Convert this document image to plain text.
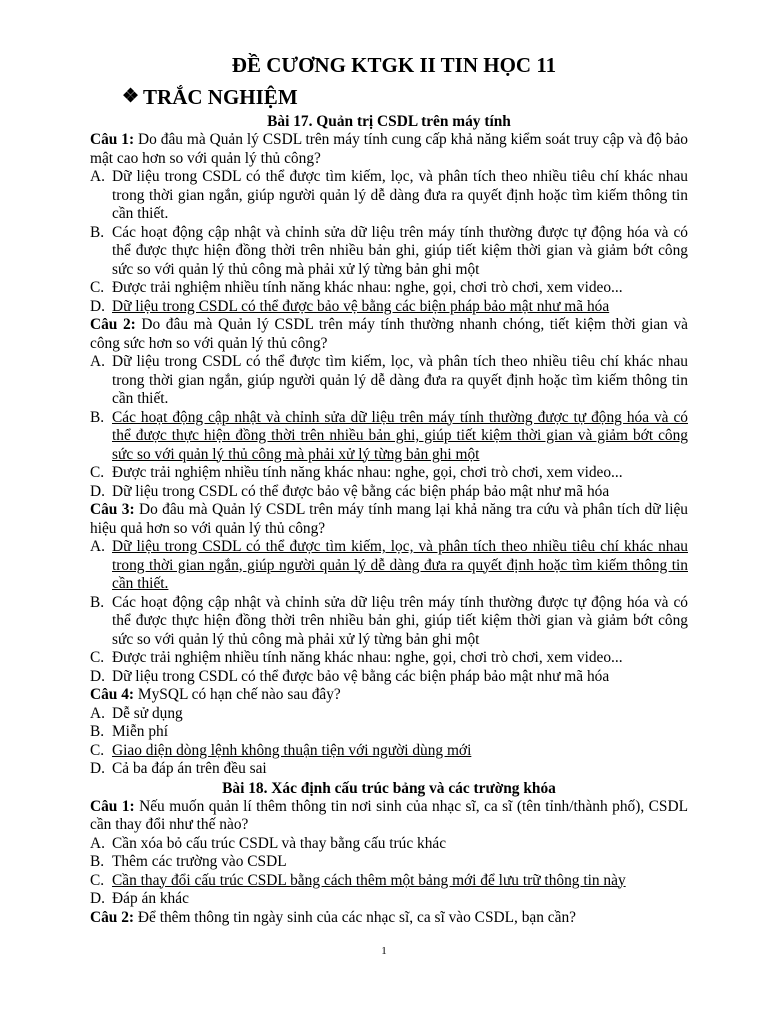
ĐỀ CƯƠNG KTGK II TIN HỌC 11
❖ TRẮC NGHIỆM
Bài 17. Quản trị CSDL trên máy tính
Câu 1: Do đâu mà Quản lý CSDL trên máy tính cung cấp khả năng kiểm soát truy cập và độ bảo mật cao hơn so với quản lý thủ công?
A. Dữ liệu trong CSDL có thể được tìm kiếm, lọc, và phân tích theo nhiều tiêu chí khác nhau trong thời gian ngắn, giúp người quản lý dễ dàng đưa ra quyết định hoặc tìm kiếm thông tin cần thiết.
B. Các hoạt động cập nhật và chỉnh sửa dữ liệu trên máy tính thường được tự động hóa và có thể được thực hiện đồng thời trên nhiều bản ghi, giúp tiết kiệm thời gian và giảm bớt công sức so với quản lý thủ công mà phải xử lý từng bản ghi một
C. Được trải nghiệm nhiều tính năng khác nhau: nghe, gọi, chơi trò chơi, xem video...
D. Dữ liệu trong CSDL có thể được bảo vệ bằng các biện pháp bảo mật như mã hóa
Câu 2: Do đâu mà Quản lý CSDL trên máy tính thường nhanh chóng, tiết kiệm thời gian và công sức hơn so với quản lý thủ công?
A. Dữ liệu trong CSDL có thể được tìm kiếm, lọc, và phân tích theo nhiều tiêu chí khác nhau trong thời gian ngắn, giúp người quản lý dễ dàng đưa ra quyết định hoặc tìm kiếm thông tin cần thiết.
B. Các hoạt động cập nhật và chỉnh sửa dữ liệu trên máy tính thường được tự động hóa và có thể được thực hiện đồng thời trên nhiều bản ghi, giúp tiết kiệm thời gian và giảm bớt công sức so với quản lý thủ công mà phải xử lý từng bản ghi một
C. Được trải nghiệm nhiều tính năng khác nhau: nghe, gọi, chơi trò chơi, xem video...
D. Dữ liệu trong CSDL có thể được bảo vệ bằng các biện pháp bảo mật như mã hóa
Câu 3: Do đâu mà Quản lý CSDL trên máy tính mang lại khả năng tra cứu và phân tích dữ liệu hiệu quả hơn so với quản lý thủ công?
A. Dữ liệu trong CSDL có thể được tìm kiếm, lọc, và phân tích theo nhiều tiêu chí khác nhau trong thời gian ngắn, giúp người quản lý dễ dàng đưa ra quyết định hoặc tìm kiếm thông tin cần thiết.
B. Các hoạt động cập nhật và chỉnh sửa dữ liệu trên máy tính thường được tự động hóa và có thể được thực hiện đồng thời trên nhiều bản ghi, giúp tiết kiệm thời gian và giảm bớt công sức so với quản lý thủ công mà phải xử lý từng bản ghi một
C. Được trải nghiệm nhiều tính năng khác nhau: nghe, gọi, chơi trò chơi, xem video...
D. Dữ liệu trong CSDL có thể được bảo vệ bằng các biện pháp bảo mật như mã hóa
Câu 4: MySQL có hạn chế nào sau đây?
A. Dễ sử dụng
B. Miễn phí
C. Giao diện dòng lệnh không thuận tiện với người dùng mới
D. Cả ba đáp án trên đều sai
Bài 18. Xác định cấu trúc bảng và các trường khóa
Câu 1: Nếu muốn quản lí thêm thông tin nơi sinh của nhạc sĩ, ca sĩ (tên tỉnh/thành phố), CSDL cần thay đổi như thế nào?
A. Cần xóa bỏ cấu trúc CSDL và thay bằng cấu trúc khác
B. Thêm các trường vào CSDL
C. Cần thay đổi cấu trúc CSDL bằng cách thêm một bảng mới để lưu trữ thông tin này
D. Đáp án khác
Câu 2: Để thêm thông tin ngày sinh của các nhạc sĩ, ca sĩ vào CSDL, bạn cần?
1
